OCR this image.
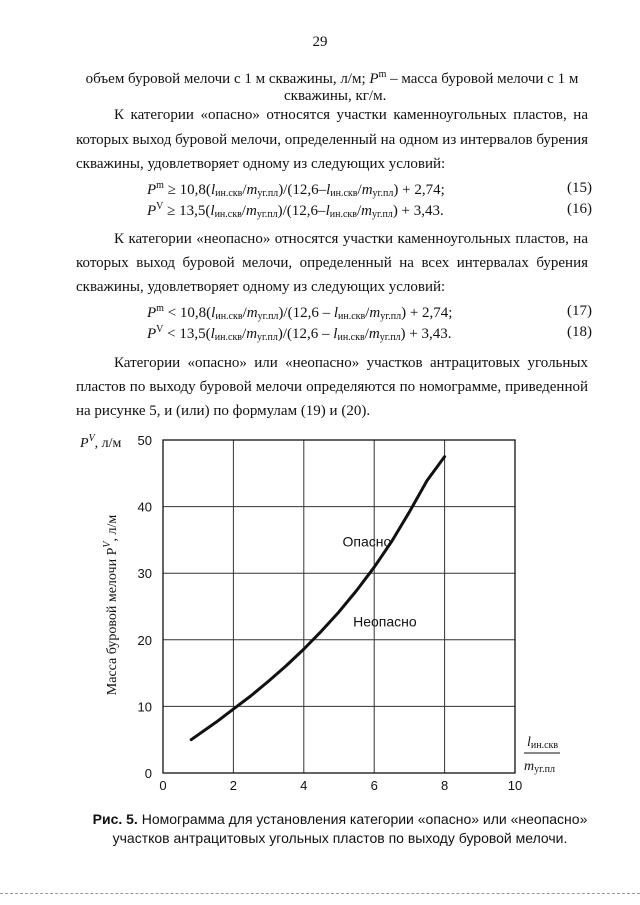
29
объем буровой мелочи с 1 м скважины, л/м; $P^m$ – масса буровой мелочи с 1 м
скважины, кг/м.
К категории «опасно» относятся участки каменноугольных пластов, на которых выход буровой мелочи, определенный на одном из интервалов бурения скважины, удовлетворяет одному из следующих условий:
$P^m \ge 10,8(l_{ин.скв}/m_{уг.пл})/(12,6-l_{ин.скв}/m_{уг.пл}) + 2,74$;	(15)
$P^V \ge 13,5(l_{ин.скв}/m_{уг.пл})/(12,6-l_{ин.скв}/m_{уг.пл}) + 3,43$.	(16)
К категории «неопасно» относятся участки каменноугольных пластов, на которых выход буровой мелочи, определенный на всех интервалах бурения скважины, удовлетворяет одному из следующих условий:
$P^m < 10,8(l_{ин.скв}/m_{уг.пл})/(12,6 - l_{ин.скв}/m_{уг.пл}) + 2,74$;	(17)
$P^V < 13,5(l_{ин.скв}/m_{уг.пл})/(12,6 - l_{ин.скв}/m_{уг.пл}) + 3,43$.	(18)
Категории «опасно» или «неопасно» участков антрацитовых угольных пластов по выходу буровой мелочи определяются по номограмме, приведенной на рисунке 5, и (или) по формулам (19) и (20).
0	2	4	6	8	10
0
10
20
30
40
50
Опасно
Неопасно
$P^V$, л/м
Масса буровой мелочи $P^V$, л/м
lин.скв
mуг.пл
Рис. 5. Номограмма для установления категории «опасно» или «неопасно» участков антрацитовых угольных пластов по выходу буровой мелочи.
